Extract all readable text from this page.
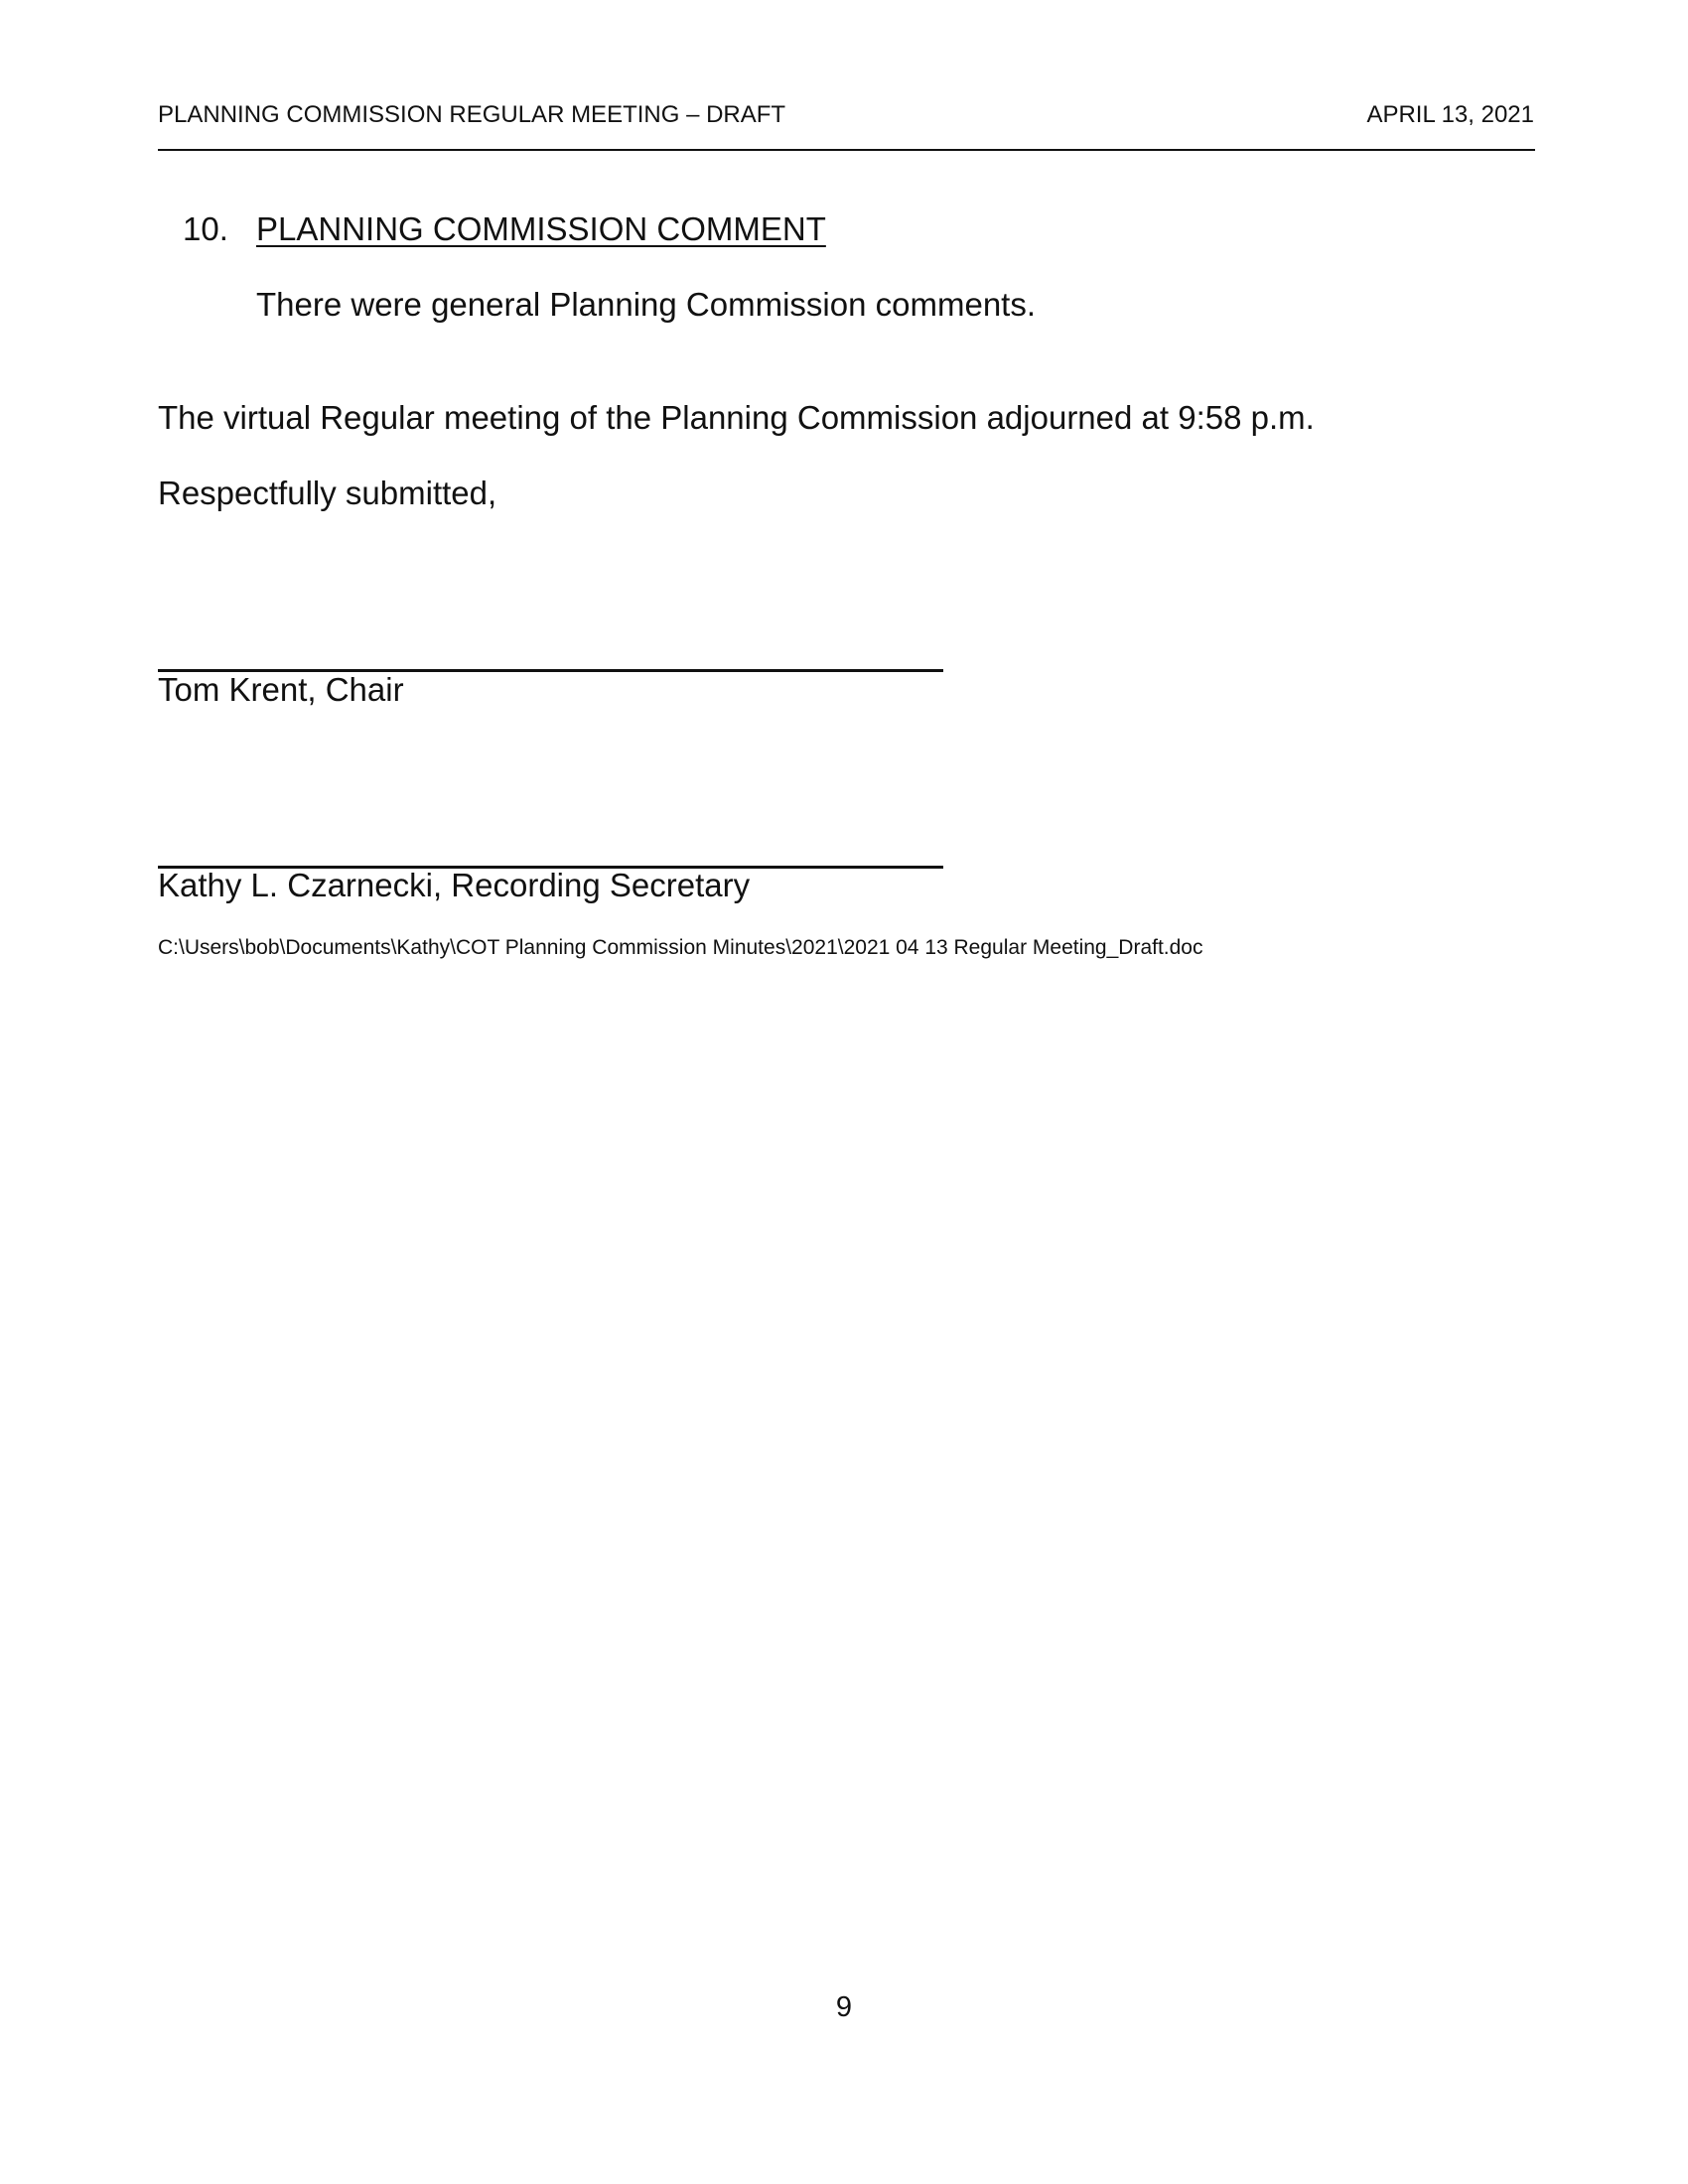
PLANNING COMMISSION REGULAR MEETING – DRAFT	APRIL 13, 2021
10. PLANNING COMMISSION COMMENT
There were general Planning Commission comments.
The virtual Regular meeting of the Planning Commission adjourned at 9:58 p.m.
Respectfully submitted,
Tom Krent, Chair
Kathy L. Czarnecki, Recording Secretary
C:\Users\bob\Documents\Kathy\COT Planning Commission Minutes\2021\2021 04 13 Regular Meeting_Draft.doc
9
